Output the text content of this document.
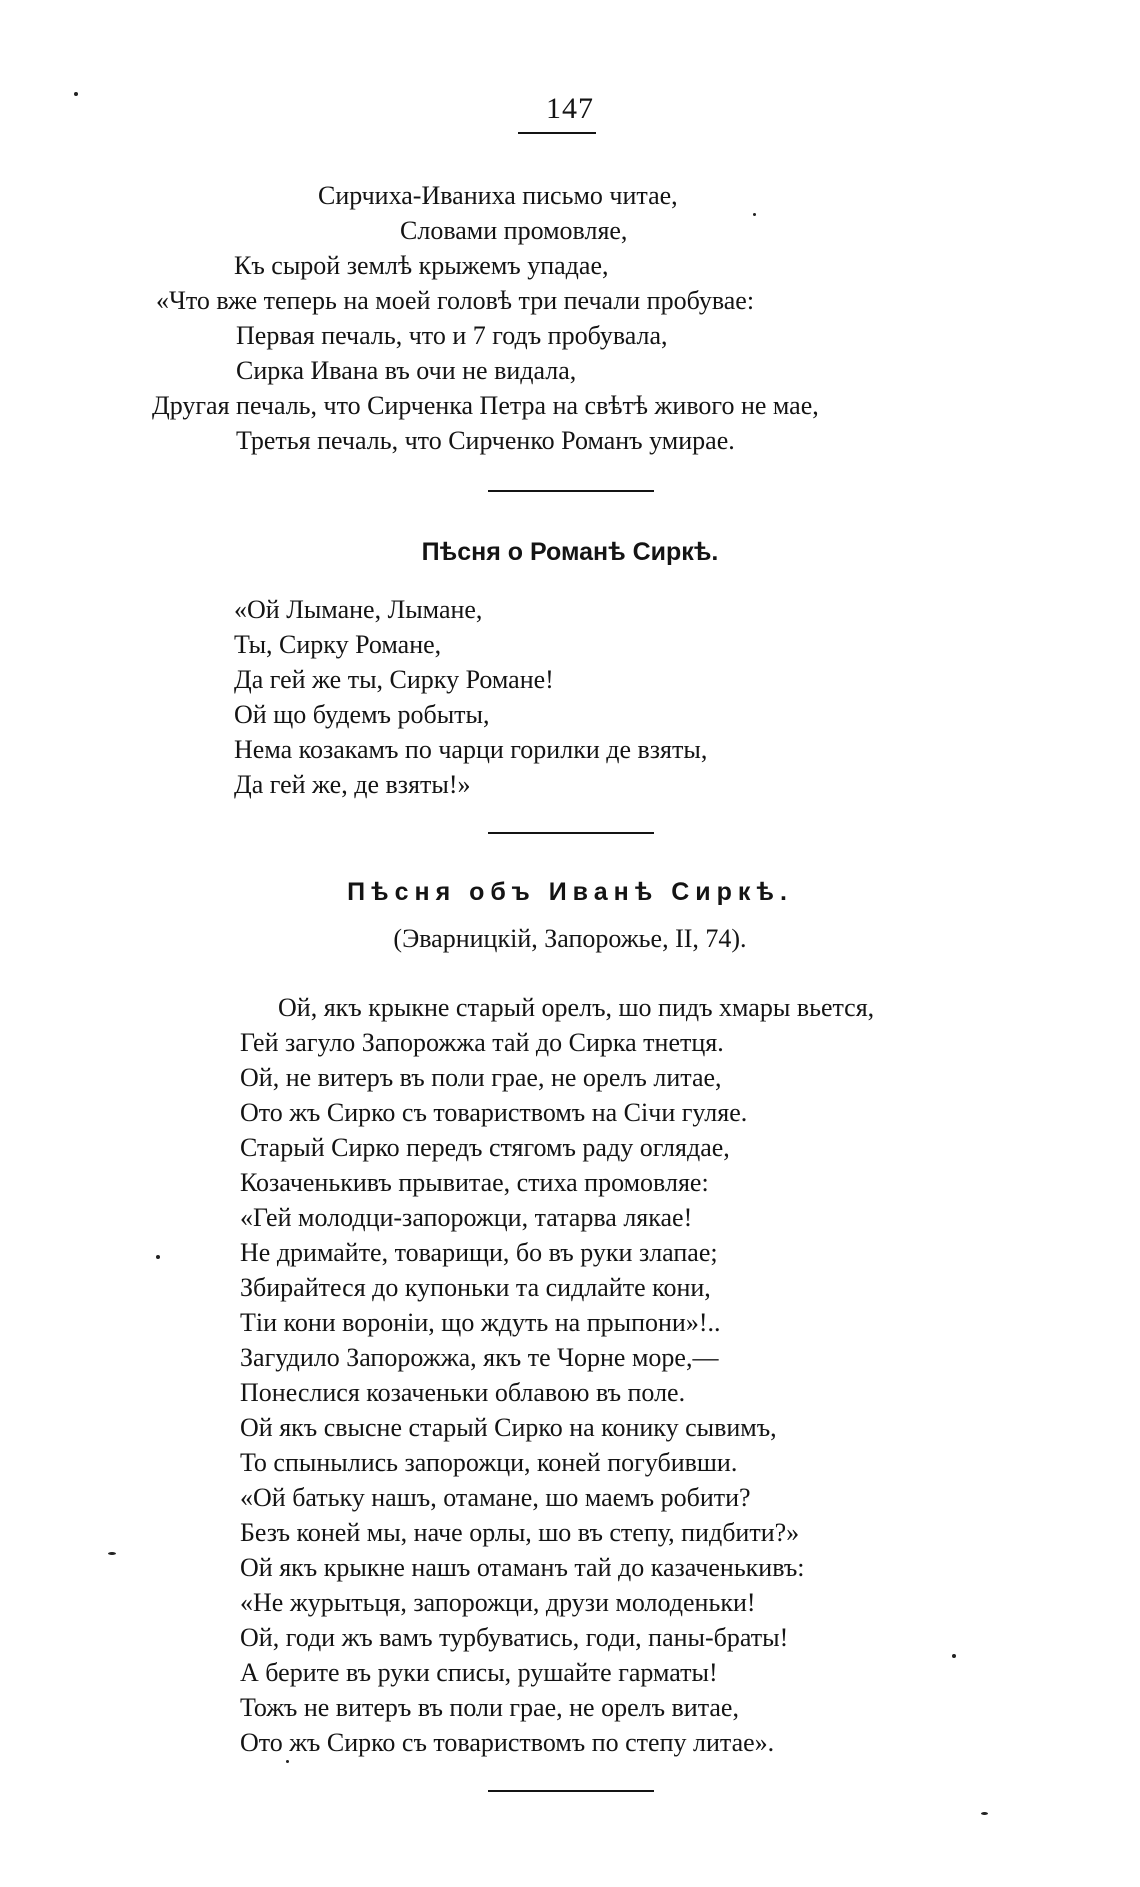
147
Сирчиха-Иваниха письмо читае,
Словами промовляе,
Къ сырой землѣ крыжемъ упадае,
«Что вже теперь на моей головѣ три печали пробувае:
Первая печаль, что и 7 годъ пробувала,
Сирка Ивана въ очи не видала,
Другая печаль, что Сирченка Петра на свѣтѣ живого не мае,
Третья печаль, что Сирченко Романъ умирае.
Пѣсня о Романѣ Сиркѣ.
«Ой Лымане, Лымане,
Ты, Сирку Романе,
Да гей же ты, Сирку Романе!
Ой що будемъ робыты,
Нема козакамъ по чарци горилки де взяты,
Да гей же, де взяты!»
Пѣсня объ Иванѣ Сиркѣ.
(Эварницкій, Запорожье, II, 74).
Ой, якъ крыкне старый орелъ, шо пидъ хмары вьется,
Гей загуло Запорожжа тай до Сирка тнетця.
Ой, не витеръ въ поли грае, не орелъ литае,
Ото жъ Сирко съ товариствомъ на Січи гуляе.
Старый Сирко передъ стягомъ раду оглядае,
Козаченькивъ прывитае, стиха промовляе:
«Гей молодци-запорожци, татарва лякае!
Не дримайте, товарищи, бо въ руки злапае;
Збирайтеся до купоньки та сидлайте кони,
Тіи кони вороніи, що ждуть на прыпони»!..
Загудило Запорожжа, якъ те Чорне море,—
Понеслися козаченьки облавою въ поле.
Ой якъ свысне старый Сирко на конику сывимъ,
То спынылись запорожци, коней погубивши.
«Ой батьку нашъ, отамане, шо маемъ робити?
Безъ коней мы, наче орлы, шо въ степу, пидбити?»
Ой якъ крыкне нашъ отаманъ тай до казаченькивъ:
«Не журытьця, запорожци, друзи молоденьки!
Ой, годи жъ вамъ турбуватись, годи, паны-браты!
А берите въ руки списы, рушайте гарматы!
Тожъ не витеръ въ поли грае, не орелъ витае,
Ото жъ Сирко съ товариствомъ по степу литае».
